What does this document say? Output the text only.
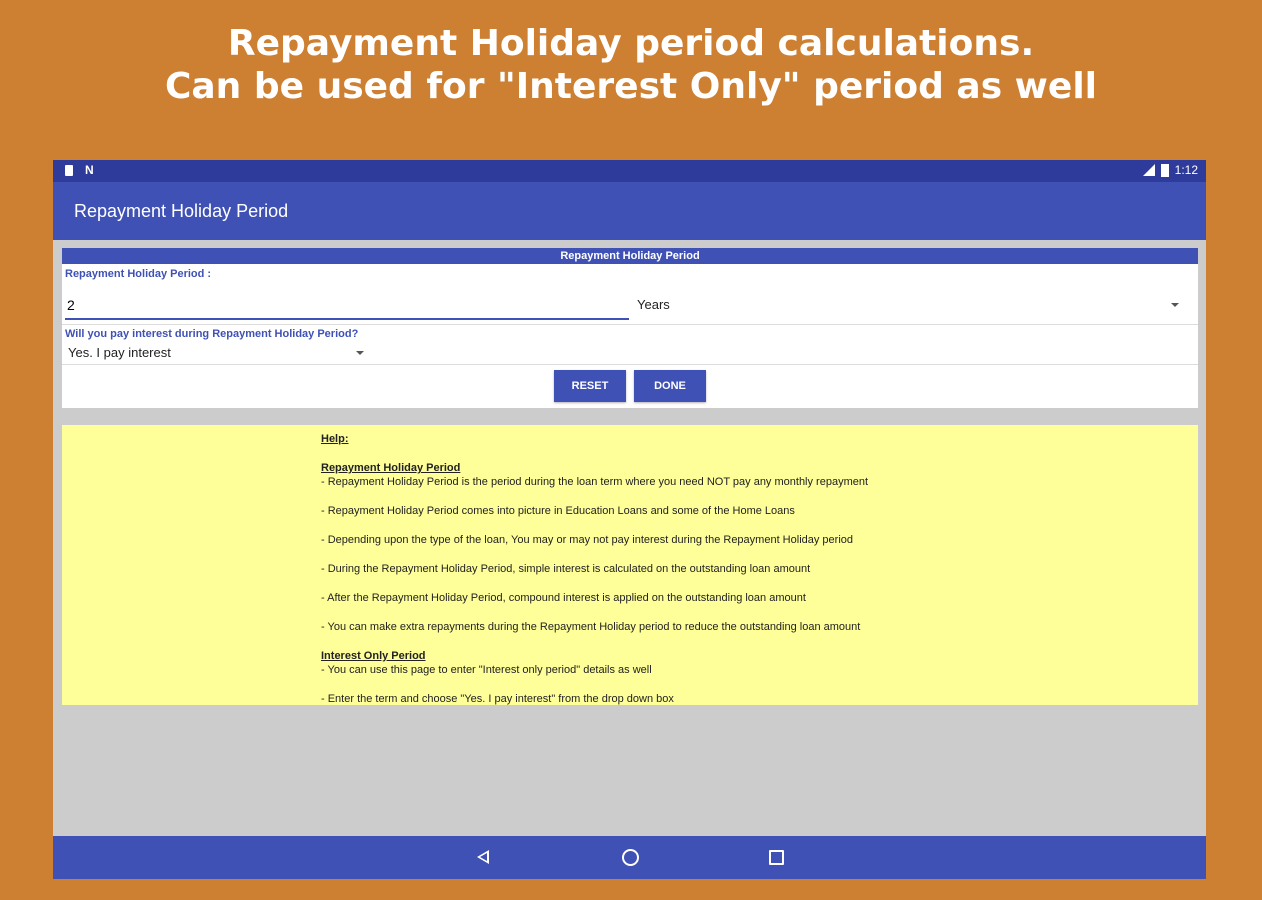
Repayment Holiday period calculations.
Can be used for "Interest Only" period as well
N	1:12
Repayment Holiday Period
Repayment Holiday Period
Repayment Holiday Period :
2
Years
Will you pay interest during Repayment Holiday Period?
Yes. I pay interest
RESET	DONE
Help:
Repayment Holiday Period
- Repayment Holiday Period is the period during the loan term where you need NOT pay any monthly repayment
- Repayment Holiday Period comes into picture in Education Loans and some of the Home Loans
- Depending upon the type of the loan, You may or may not pay interest during the Repayment Holiday period
- During the Repayment Holiday Period, simple interest is calculated on the outstanding loan amount
- After the Repayment Holiday Period, compound interest is applied on the outstanding loan amount
- You can make extra repayments during the Repayment Holiday period to reduce the outstanding loan amount
Interest Only Period
- You can use this page to enter "Interest only period" details as well
- Enter the term and choose "Yes. I pay interest" from the drop down box
